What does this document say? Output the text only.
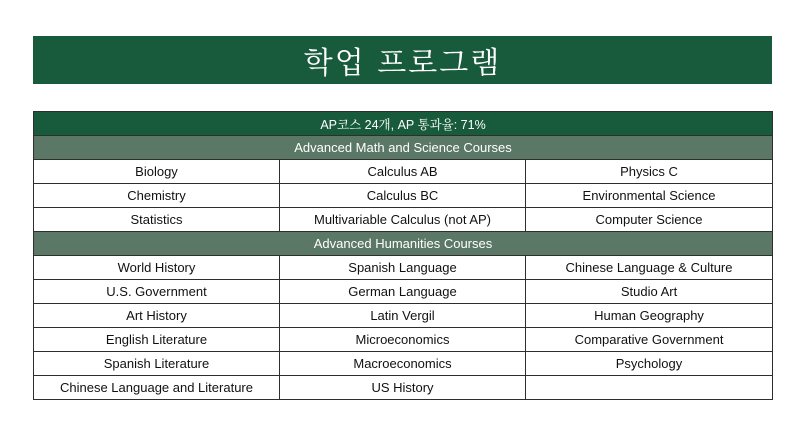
학업 프로그램
AP코스 24개, AP 통과율: 71%		
Advanced Math and Science Courses		
Biology	Calculus AB	Physics C
Chemistry	Calculus BC	Environmental Science
Statistics	Multivariable Calculus (not AP)	Computer Science
Advanced Humanities Courses		
World History	Spanish Language	Chinese Language & Culture
U.S. Government	German Language	Studio Art
Art History	Latin Vergil	Human Geography
English Literature	Microeconomics	Comparative Government
Spanish Literature	Macroeconomics	Psychology
Chinese Language and Literature	US History	
